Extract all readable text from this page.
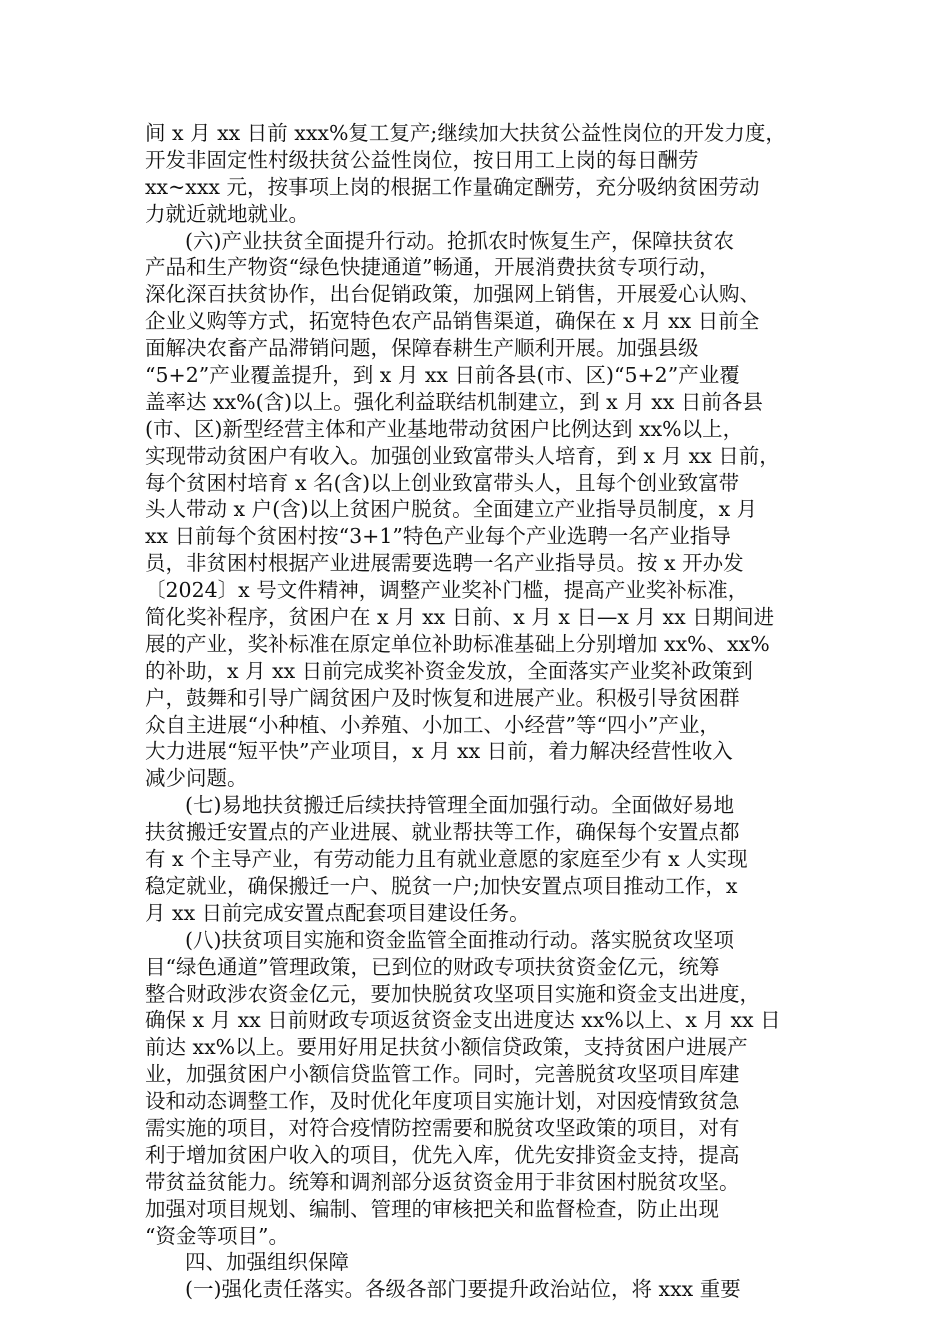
间 x 月 xx 日前 xxx%复工复产;继续加大扶贫公益性岗位的开发力度，
开发非固定性村级扶贫公益性岗位，按日用工上岗的每日酬劳
xx~xxx 元，按事项上岗的根据工作量确定酬劳，充分吸纳贫困劳动
力就近就地就业。
(六)产业扶贫全面提升行动。抢抓农时恢复生产，保障扶贫农
产品和生产物资“绿色快捷通道”畅通，开展消费扶贫专项行动，
深化深百扶贫协作，出台促销政策，加强网上销售，开展爱心认购、
企业义购等方式，拓宽特色农产品销售渠道，确保在 x 月 xx 日前全
面解决农畜产品滞销问题，保障春耕生产顺利开展。加强县级
“5+2”产业覆盖提升，到 x 月 xx 日前各县(市、区)“5+2”产业覆
盖率达 xx%(含)以上。强化利益联结机制建立，到 x 月 xx 日前各县
(市、区)新型经营主体和产业基地带动贫困户比例达到 xx%以上，
实现带动贫困户有收入。加强创业致富带头人培育，到 x 月 xx 日前，
每个贫困村培育 x 名(含)以上创业致富带头人，且每个创业致富带
头人带动 x 户(含)以上贫困户脱贫。全面建立产业指导员制度，x 月
xx 日前每个贫困村按“3+1”特色产业每个产业选聘一名产业指导
员，非贫困村根据产业进展需要选聘一名产业指导员。按 x 开办发
〔2024〕x 号文件精神，调整产业奖补门槛，提高产业奖补标准，
简化奖补程序，贫困户在 x 月 xx 日前、x 月 x 日—x 月 xx 日期间进
展的产业，奖补标准在原定单位补助标准基础上分别增加 xx%、xx%
的补助，x 月 xx 日前完成奖补资金发放，全面落实产业奖补政策到
户，鼓舞和引导广阔贫困户及时恢复和进展产业。积极引导贫困群
众自主进展“小种植、小养殖、小加工、小经营”等“四小”产业，
大力进展“短平快”产业项目，x 月 xx 日前，着力解决经营性收入
减少问题。
(七)易地扶贫搬迁后续扶持管理全面加强行动。全面做好易地
扶贫搬迁安置点的产业进展、就业帮扶等工作，确保每个安置点都
有 x 个主导产业，有劳动能力且有就业意愿的家庭至少有 x 人实现
稳定就业，确保搬迁一户、脱贫一户;加快安置点项目推动工作，x
月 xx 日前完成安置点配套项目建设任务。
(八)扶贫项目实施和资金监管全面推动行动。落实脱贫攻坚项
目“绿色通道”管理政策，已到位的财政专项扶贫资金亿元，统筹
整合财政涉农资金亿元，要加快脱贫攻坚项目实施和资金支出进度，
确保 x 月 xx 日前财政专项返贫资金支出进度达 xx%以上、x 月 xx 日
前达 xx%以上。要用好用足扶贫小额信贷政策，支持贫困户进展产
业，加强贫困户小额信贷监管工作。同时，完善脱贫攻坚项目库建
设和动态调整工作，及时优化年度项目实施计划，对因疫情致贫急
需实施的项目，对符合疫情防控需要和脱贫攻坚政策的项目，对有
利于增加贫困户收入的项目，优先入库，优先安排资金支持，提高
带贫益贫能力。统筹和调剂部分返贫资金用于非贫困村脱贫攻坚。
加强对项目规划、编制、管理的审核把关和监督检查，防止出现
“资金等项目”。
四、加强组织保障
(一)强化责任落实。各级各部门要提升政治站位，将 xxx 重要
